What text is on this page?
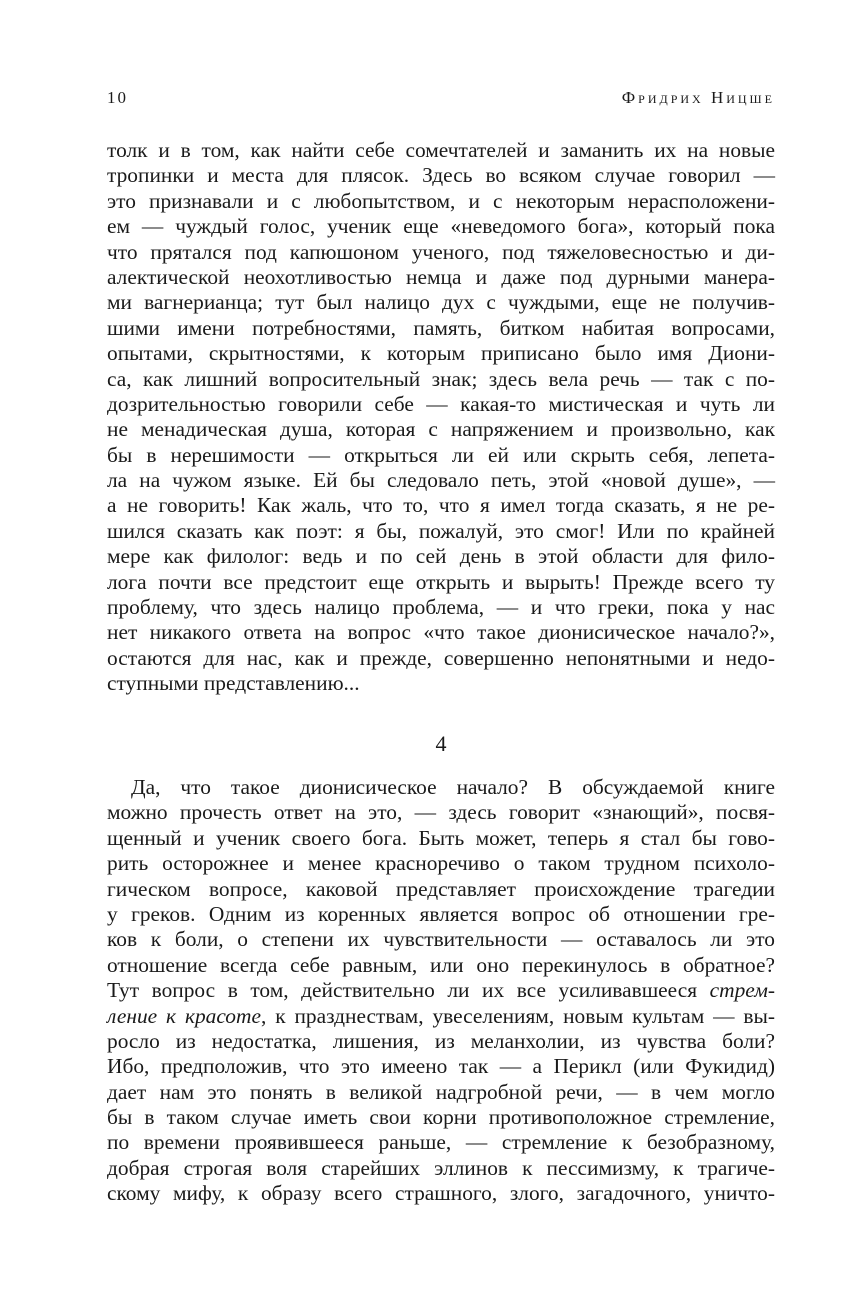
10	Фридрих Ницше
толк и в том, как найти себе сомечтателей и заманить их на новые
тропинки и места для плясок. Здесь во всяком случае говорил —
это признавали и с любопытством, и с некоторым нерасположени-
ем — чуждый голос, ученик еще «неведомого бога», который пока
что прятался под капюшоном ученого, под тяжеловесностью и ди-
алектической неохотливостью немца и даже под дурными манера-
ми вагнерианца; тут был налицо дух с чуждыми, еще не получив-
шими имени потребностями, память, битком набитая вопросами,
опытами, скрытностями, к которым приписано было имя Диони-
са, как лишний вопросительный знак; здесь вела речь — так с по-
дозрительностью говорили себе — какая-то мистическая и чуть ли
не менадическая душа, которая с напряжением и произвольно, как
бы в нерешимости — открыться ли ей или скрыть себя, лепета-
ла на чужом языке. Ей бы следовало петь, этой «новой душе», —
а не говорить! Как жаль, что то, что я имел тогда сказать, я не ре-
шился сказать как поэт: я бы, пожалуй, это смог! Или по крайней
мере как филолог: ведь и по сей день в этой области для фило-
лога почти все предстоит еще открыть и вырыть! Прежде всего ту
проблему, что здесь налицо проблема, — и что греки, пока у нас
нет никакого ответа на вопрос «что такое дионисическое начало?»,
остаются для нас, как и прежде, совершенно непонятными и недо-
ступными представлению...
4
Да, что такое дионисическое начало? В обсуждаемой книге
можно прочесть ответ на это, — здесь говорит «знающий», посвя-
щенный и ученик своего бога. Быть может, теперь я стал бы гово-
рить осторожнее и менее красноречиво о таком трудном психоло-
гическом вопросе, каковой представляет происхождение трагедии
у греков. Одним из коренных является вопрос об отношении гре-
ков к боли, о степени их чувствительности — оставалось ли это
отношение всегда себе равным, или оно перекинулось в обратное?
Тут вопрос в том, действительно ли их все усиливавшееся стрем-
ление к красоте, к празднествам, увеселениям, новым культам — вы-
росло из недостатка, лишения, из меланхолии, из чувства боли?
Ибо, предположив, что это имеено так — а Перикл (или Фукидид)
дает нам это понять в великой надгробной речи, — в чем могло
бы в таком случае иметь свои корни противоположное стремление,
по времени проявившееся раньше, — стремление к безобразному,
добрая строгая воля старейших эллинов к пессимизму, к трагиче-
скому мифу, к образу всего страшного, злого, загадочного, уничто-
